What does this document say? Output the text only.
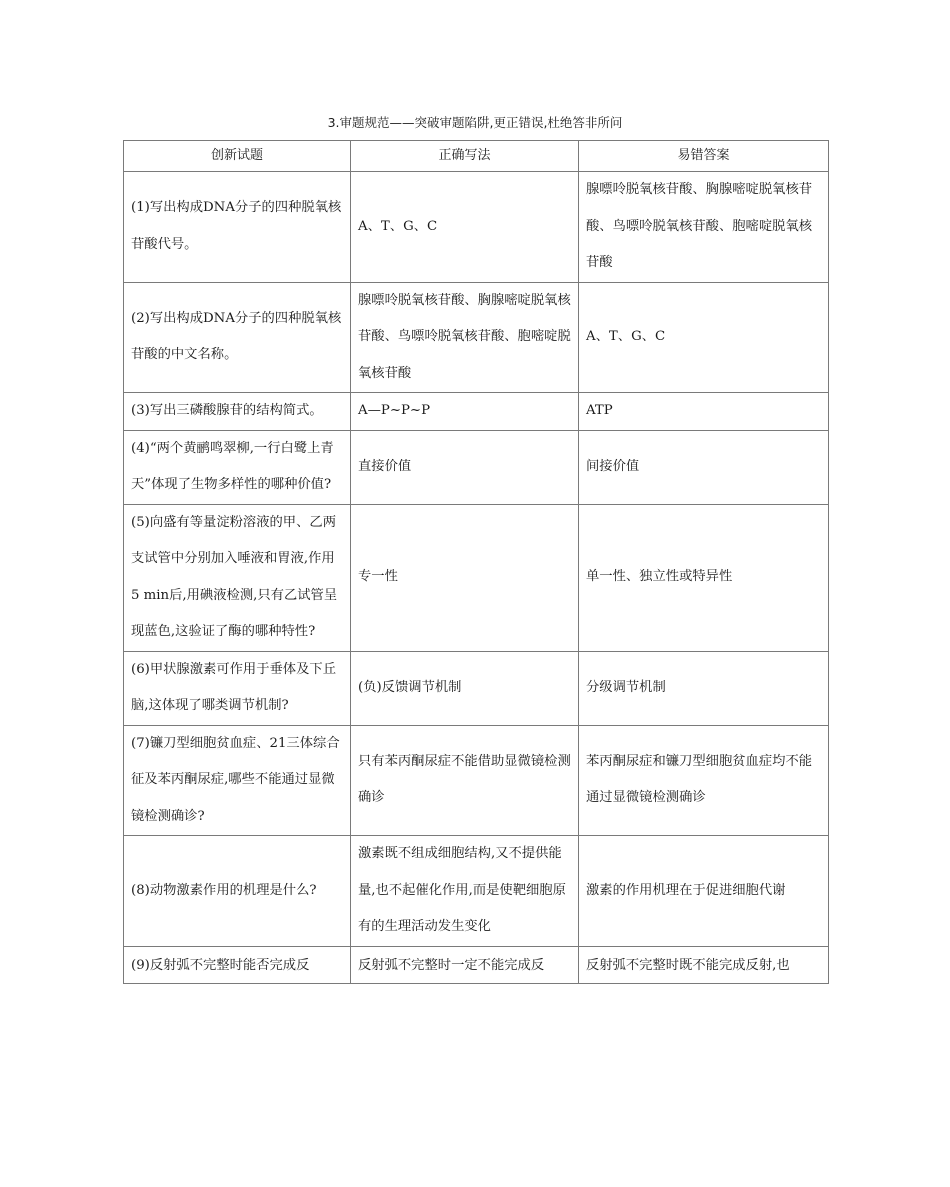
3.审题规范——突破审题陷阱,更正错误,杜绝答非所问
创新试题	正确写法	易错答案
(1)写出构成DNA分子的四种脱氧核苷酸代号。	A、T、G、C	腺嘌呤脱氧核苷酸、胸腺嘧啶脱氧核苷酸、鸟嘌呤脱氧核苷酸、胞嘧啶脱氧核苷酸
(2)写出构成DNA分子的四种脱氧核苷酸的中文名称。	腺嘌呤脱氧核苷酸、胸腺嘧啶脱氧核苷酸、鸟嘌呤脱氧核苷酸、胞嘧啶脱氧核苷酸	A、T、G、C
(3)写出三磷酸腺苷的结构简式。	A—P~P~P	ATP
(4)“两个黄鹂鸣翠柳,一行白鹭上青天”体现了生物多样性的哪种价值?	直接价值	间接价值
(5)向盛有等量淀粉溶液的甲、乙两支试管中分别加入唾液和胃液,作用5 min后,用碘液检测,只有乙试管呈现蓝色,这验证了酶的哪种特性?	专一性	单一性、独立性或特异性
(6)甲状腺激素可作用于垂体及下丘脑,这体现了哪类调节机制?	(负)反馈调节机制	分级调节机制
(7)镰刀型细胞贫血症、21三体综合征及苯丙酮尿症,哪些不能通过显微镜检测确诊?	只有苯丙酮尿症不能借助显微镜检测确诊	苯丙酮尿症和镰刀型细胞贫血症均不能通过显微镜检测确诊
(8)动物激素作用的机理是什么?	激素既不组成细胞结构,又不提供能量,也不起催化作用,而是使靶细胞原有的生理活动发生变化	激素的作用机理在于促进细胞代谢

(9)反射弧不完整时能否完成反	反射弧不完整时一定不能完成反	反射弧不完整时既不能完成反射,也
